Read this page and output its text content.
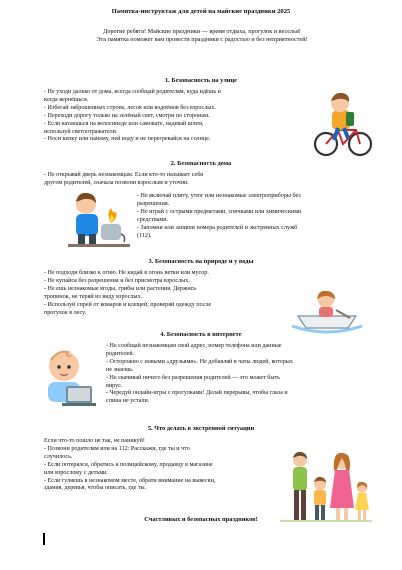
Памятка-инструктаж для детей на майские праздники 2025
Дорогие ребята! Майские праздники — время отдыха, прогулок и веселья!
Эта памятка поможет вам провести праздники с радостью и без неприятностей!
1. Безопасность на улице

- Не уходи далеко от дома, всегда сообщай родителям, куда идёшь и

когда вернёшься.

- Избегай заброшенных строек, лесов или водоёмов без взрослых.

- Переходи дорогу только на зелёный свет, смотри по сторонам.

- Если катаешься на велосипеде или самокате, надевай шлем,

используй светоотражатели.

- Носи кепку или панаму, пей воду и не перегревайся на солнце.

2. Безопасность дома

- Не открывай дверь незнакомцам. Если кто-то называет себя

другом родителей, сначала позвони взрослым и уточни.

- Не включай плиту, утюг или незнакомые электроприборы без

разрешения.

- Не играй с острыми предметами, спичками или химическими

средствами.

- Запомни или запиши номера родителей и экстренных служб

(112).

3. Безопасность на природе и у воды

- Не подходи близко к огню. Не кидай в огонь ветки или мусор.

- Не купайся без разрешения и без присмотра взрослых.

- Не ешь незнакомые ягоды, грибы или растения. Держись

тропинок, не теряй из виду взрослых.

- Используй спрей от комаров и клещей, проверяй одежду после

прогулок в лесу.

4. Безопасность в интернете

- Не сообщай незнакомцам свой адрес, номер телефона или данные

родителей.

- Осторожно с новыми «друзьями». Не добавляй в чаты людей, которых

не знаешь.

- Не скачивай ничего без разрешения родителей — это может быть

вирус.

- Чередуй онлайн-игры с прогулками! Делай перерывы, чтобы глаза и

спина не устали.

5. Что делать в экстренной ситуации

Если что-то пошло не так, не паникуй!

- Позвони родителям или на 112: Расскажи, где ты и что

случилось.

- Если потерялся, обратись к полицейскому, продавцу в магазине

или взрослому с детьми.

- Если гуляешь в незнакомом месте, обрати внимание на вывески,

здания, деревья, чтобы описать, где ты.

Счастливых и безопасных праздников!
